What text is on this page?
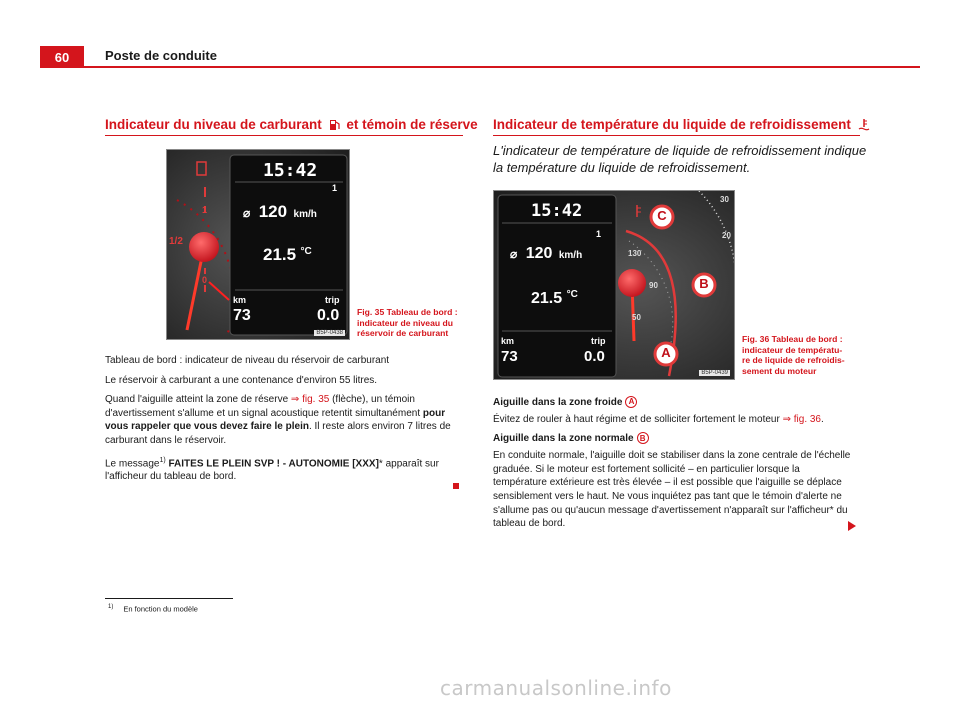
60	Poste de conduite
Indicateur du niveau de carburant et témoin de réserve
15:42
1
⌀ 120 km/h
21.5 $^{^\circ C}$
km
73
trip
0.0
1/2
1
0
B5P-0438
Fig. 35 Tableau de bord :
indicateur de niveau du
réservoir de carburant

Tableau de bord : indicateur de niveau du réservoir de carburant

Le réservoir à carburant a une contenance d'environ 55 litres.

Quand l'aiguille atteint la zone de réserve ⇒ fig. 35 (flèche), un témoin d'avertissement s'allume et un signal acoustique retentit simultanément pour vous rappeler que vous devez faire le plein. Il reste alors environ 7 litres de carburant dans le réservoir.

Le message$^{1)}$ FAITES LE PLEIN SVP ! - AUTONOMIE [XXX]* apparaît sur l'afficheur du tableau de bord.

Indicateur de température du liquide de refroidissement
L'indicateur de température de liquide de refroidissement indique la température du liquide de refroidissement.
15:42
1
⌀ 120 km/h
21.5 $^{^\circ C}$
km
73
trip
0.0
130
90
50
30
20
C
B
A
B5P-0439
Fig. 36 Tableau de bord :
indicateur de températu-
re de liquide de refroidis-
sement du moteur

Aiguille dans la zone froide A

Évitez de rouler à haut régime et de solliciter fortement le moteur ⇒ fig. 36.

Aiguille dans la zone normale B

En conduite normale, l'aiguille doit se stabiliser dans la zone centrale de l'échelle graduée. Si le moteur est fortement sollicité – en particulier lorsque la température extérieure est très élevée – il est possible que l'aiguille se déplace sensiblement vers le haut. Ne vous inquiétez pas tant que le témoin d'alerte ne s'allume pas ou qu'aucun message d'avertissement n'apparaît sur l'afficheur* du tableau de bord.

$^{1)}$ En fonction du modèle
carmanualsonline.info
